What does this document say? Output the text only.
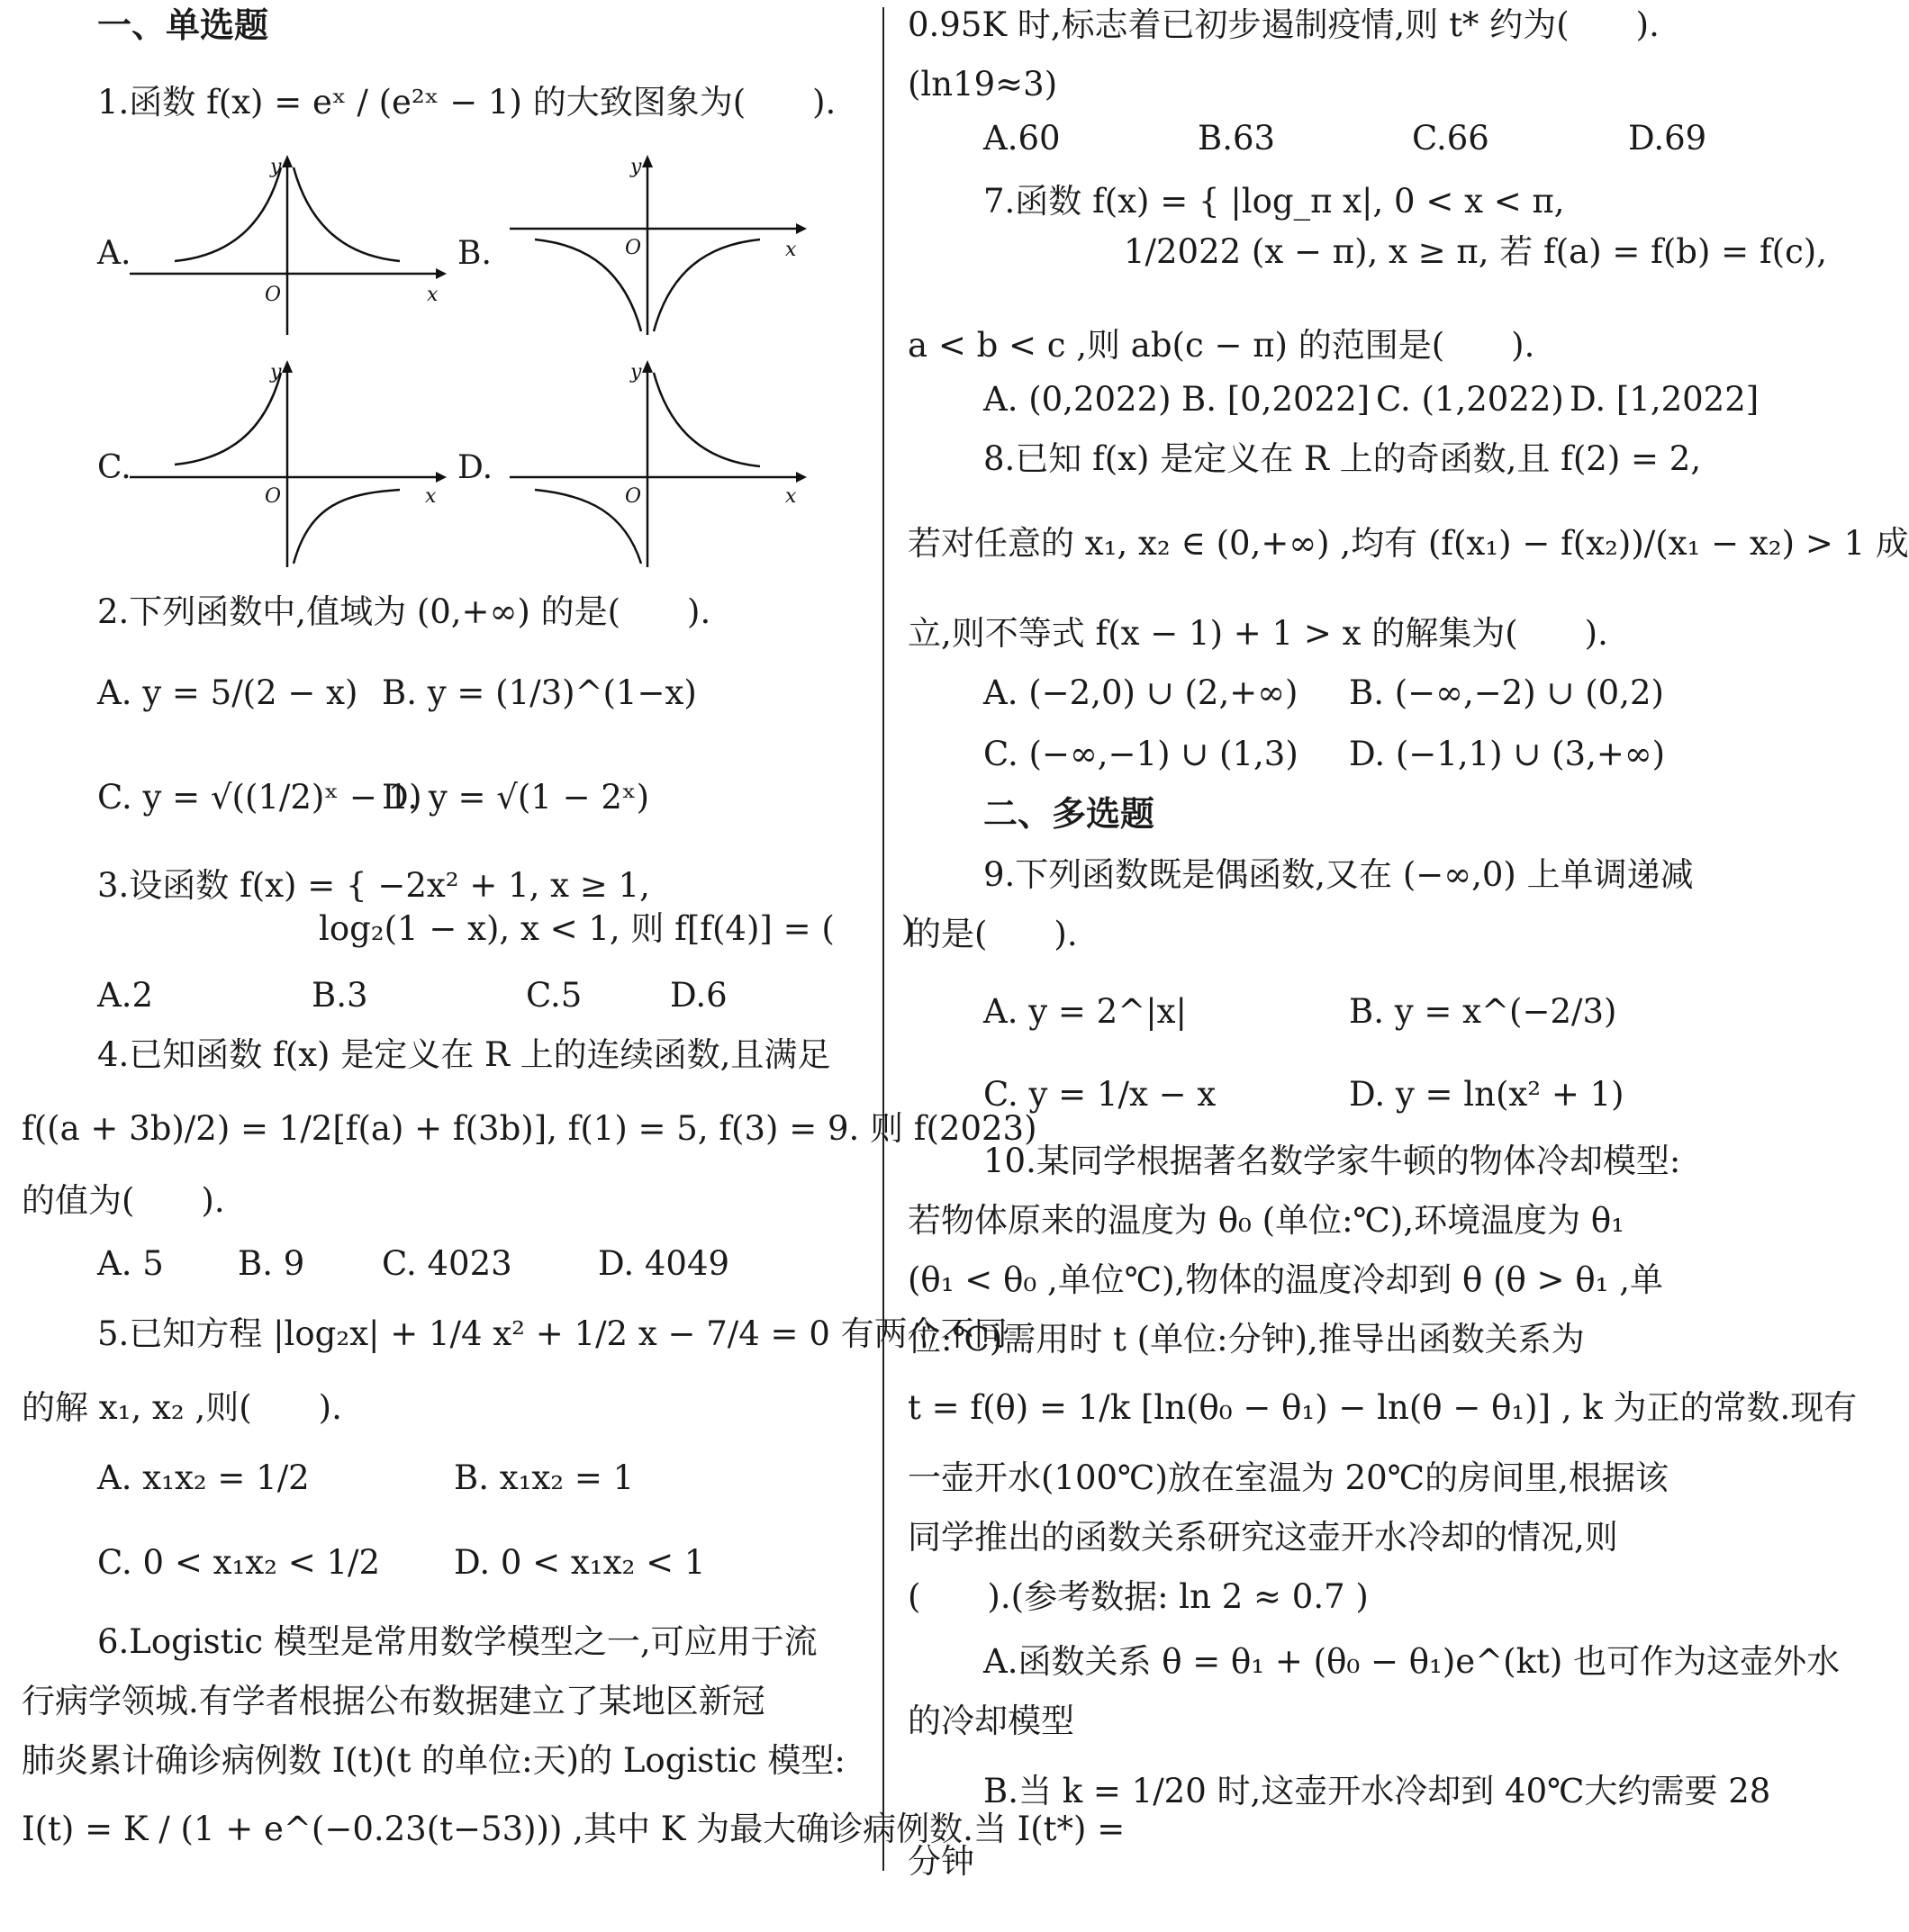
一、单选题
1.函数 f(x) = eˣ / (e²ˣ − 1) 的大致图象为(　　).
A.	B.
C.	D.
O	x
y
O	x
y
O	x
y
O	x
y
2.下列函数中,值域为 (0,+∞) 的是(　　).
A. y = 5/(2 − x) B. y = (1/3)^(1−x)
C. y = √((1/2)ˣ − 1)
D. y = √(1 − 2ˣ)
3.设函数 f(x) = { −2x² + 1, x ≥ 1,
log₂(1 − x), x < 1, 则 f[f(4)] = (　　)
A.2	B.3	C.5	D.6
4.已知函数 f(x) 是定义在 R 上的连续函数,且满足
f((a + 3b)/2) = 1/2[f(a) + f(3b)], f(1) = 5, f(3) = 9. 则 f(2023)
的值为(　　).
A. 5 B. 9 C. 4023	D. 4049
5.已知方程 |log₂x| + 1/4 x² + 1/2 x − 7/4 = 0 有两个不同
的解 x₁, x₂ ,则(　　).
A. x₁x₂ = 1/2	B. x₁x₂ = 1
C. 0 < x₁x₂ < 1/2 D. 0 < x₁x₂ < 1
6.Logistic 模型是常用数学模型之一,可应用于流
行病学领城.有学者根据公布数据建立了某地区新冠
肺炎累计确诊病例数 I(t)(t 的单位:天)的 Logistic 模型:
I(t) = K / (1 + e^(−0.23(t−53))) ,其中 K 为最大确诊病例数.当 I(t*) =
0.95K 时,标志着已初步遏制疫情,则 t* 约为(　　).
(ln19≈3)
A.60	B.63	C.66	D.69
7.函数 f(x) = { |log_π x|, 0 < x < π,
1/2022 (x − π), x ≥ π, 若 f(a) = f(b) = f(c),
a < b < c ,则 ab(c − π) 的范围是(　　).
A. (0,2022) B. [0,2022] C. (1,2022) D. [1,2022]
8.已知 f(x) 是定义在 R 上的奇函数,且 f(2) = 2,
若对任意的 x₁, x₂ ∈ (0,+∞) ,均有 (f(x₁) − f(x₂))/(x₁ − x₂) > 1 成
立,则不等式 f(x − 1) + 1 > x 的解集为(　　).
A. (−2,0) ∪ (2,+∞) B. (−∞,−2) ∪ (0,2)
C. (−∞,−1) ∪ (1,3) D. (−1,1) ∪ (3,+∞)
二、多选题
9.下列函数既是偶函数,又在 (−∞,0) 上单调递减
的是(　　).
A. y = 2^|x|	B. y = x^(−2/3)
C. y = 1/x − x	D. y = ln(x² + 1)
10.某同学根据著名数学家牛顿的物体冷却模型:
若物体原来的温度为 θ₀ (单位:℃),环境温度为 θ₁
(θ₁ < θ₀ ,单位℃),物体的温度冷却到 θ (θ > θ₁ ,单
位:℃)需用时 t (单位:分钟),推导出函数关系为
t = f(θ) = 1/k [ln(θ₀ − θ₁) − ln(θ − θ₁)] , k 为正的常数.现有
一壶开水(100℃)放在室温为 20℃的房间里,根据该
同学推出的函数关系研究这壶开水冷却的情况,则
(　　).(参考数据: ln 2 ≈ 0.7 )
A.函数关系 θ = θ₁ + (θ₀ − θ₁)e^(kt) 也可作为这壶外水
的冷却模型
B.当 k = 1/20 时,这壶开水冷却到 40℃大约需要 28
分钟
